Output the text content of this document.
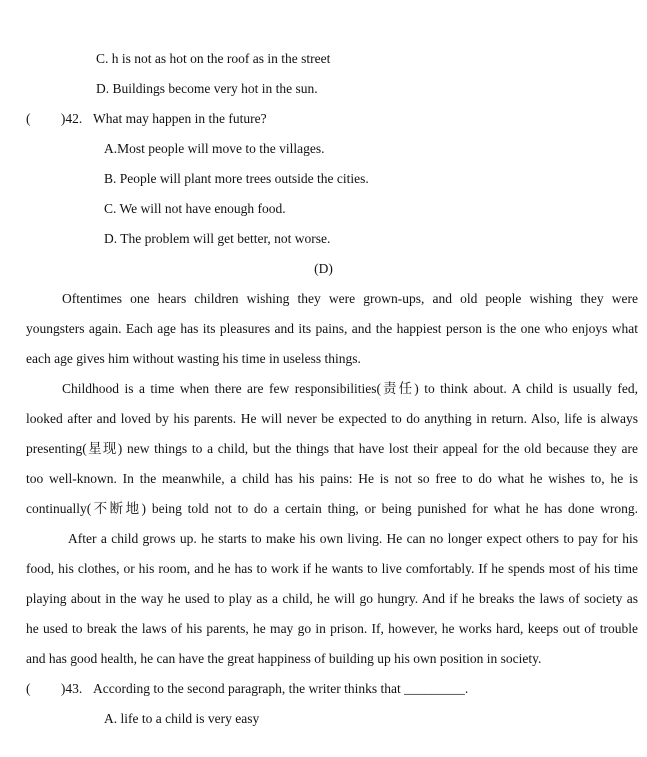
C. h is not as hot on the roof as in the street
D. Buildings become very hot in the sun.
(         )42. What may happen in the future?
A.Most people will move to the villages.
B. People will plant more trees outside the cities.
C. We will not have enough food.
D. The problem will get better, not worse.
(D)
Oftentimes one hears children wishing they were grown-ups, and old people wishing they were
youngsters again. Each age has its pleasures and its pains, and the happiest person is the one who enjoys what
each age gives him without wasting his time in useless things.
Childhood is a time when there are few responsibilities(责任) to think about. A child is usually fed,
looked after and loved by his parents. He will never be expected to do anything in return. Also, life is always
presenting(星现) new things to a child, but the things that have lost their appeal for the old because they are
too well-known. In the meanwhile, a child has his pains: He is not so free to do what he wishes to, he is
continually(不断地) being told not to do a certain thing, or being punished for what he has done wrong.
After a child grows up. he starts to make his own living. He can no longer expect others to pay for his
food, his clothes, or his room, and he has to work if he wants to live comfortably. If he spends most of his time
playing about in the way he used to play as a child, he will go hungry. And if he breaks the laws of society as
he used to break the laws of his parents, he may go in prison. If, however, he works hard, keeps out of trouble
and has good health, he can have the great happiness of building up his own position in society.
(         )43. According to the second paragraph, the writer thinks that _________.
A. life to a child is very easy
